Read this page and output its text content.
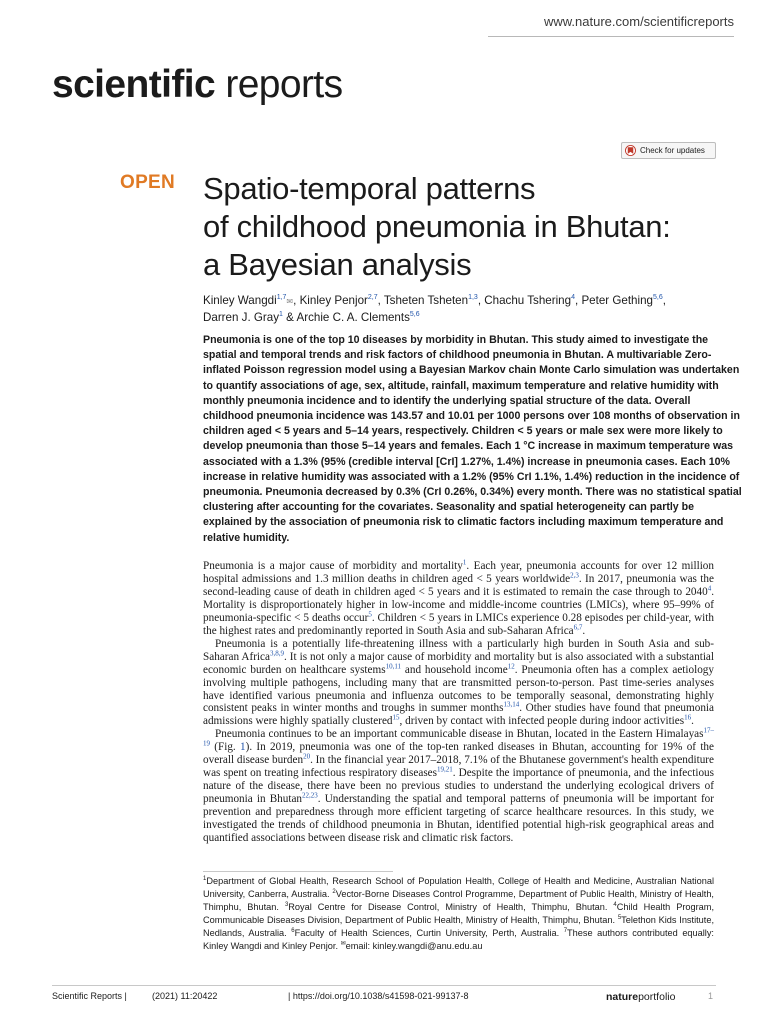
www.nature.com/scientificreports
scientific reports
Check for updates
OPEN Spatio-temporal patterns
of childhood pneumonia in Bhutan:
a Bayesian analysis
Kinley Wangdi$^{1,7}$✉, Kinley Penjor$^{2,7}$, Tsheten Tsheten$^{1,3}$, Chachu Tshering$^4$, Peter Gething$^{5,6}$,
Darren J. Gray$^1$ & Archie C. A. Clements$^{5,6}$

Pneumonia is one of the top 10 diseases by morbidity in Bhutan. This study aimed to investigate the spatial and temporal trends and risk factors of childhood pneumonia in Bhutan. A multivariable Zero-inflated Poisson regression model using a Bayesian Markov chain Monte Carlo simulation was undertaken to quantify associations of age, sex, altitude, rainfall, maximum temperature and relative humidity with monthly pneumonia incidence and to identify the underlying spatial structure of the data. Overall childhood pneumonia incidence was 143.57 and 10.01 per 1000 persons over 108 months of observation in children aged < 5 years and 5–14 years, respectively. Children < 5 years or male sex were more likely to develop pneumonia than those 5–14 years and females. Each 1 °C increase in maximum temperature was associated with a 1.3% (95% (credible interval [CrI] 1.27%, 1.4%) increase in pneumonia cases. Each 10% increase in relative humidity was associated with a 1.2% (95% CrI 1.1%, 1.4%) reduction in the incidence of pneumonia. Pneumonia decreased by 0.3% (CrI 0.26%, 0.34%) every month. There was no statistical spatial clustering after accounting for the covariates. Seasonality and spatial heterogeneity can partly be explained by the association of pneumonia risk to climatic factors including maximum temperature and relative humidity.

Pneumonia is a major cause of morbidity and mortality$^1$. Each year, pneumonia accounts for over 12 million hospital admissions and 1.3 million deaths in children aged < 5 years worldwide$^{2,3}$. In 2017, pneumonia was the second-leading cause of death in children aged < 5 years and it is estimated to remain the case through to 2040$^4$. Mortality is disproportionately higher in low-income and middle-income countries (LMICs), where 95–99% of pneumonia-specific < 5 deaths occur$^5$. Children < 5 years in LMICs experience 0.28 episodes per child-year, with the highest rates and predominantly reported in South Asia and sub-Saharan Africa$^{6,7}$.

Pneumonia is a potentially life-threatening illness with a particularly high burden in South Asia and sub-Saharan Africa$^{3,8,9}$. It is not only a major cause of morbidity and mortality but is also associated with a substantial economic burden on healthcare systems$^{10,11}$ and household income$^{12}$. Pneumonia often has a complex aetiology involving multiple pathogens, including many that are transmitted person-to-person. Past time-series analyses have identified various pneumonia and influenza outcomes to be temporally seasonal, demonstrating highly consistent peaks in winter months and troughs in summer months$^{13,14}$. Other studies have found that pneumonia admissions were highly spatially clustered$^{15}$, driven by contact with infected people during indoor activities$^{16}$.

Pneumonia continues to be an important communicable disease in Bhutan, located in the Eastern Himalayas$^{17-19}$ (Fig. 1). In 2019, pneumonia was one of the top-ten ranked diseases in Bhutan, accounting for 19% of the overall disease burden$^{20}$. In the financial year 2017–2018, 7.1% of the Bhutanese government's health expenditure was spent on treating infectious respiratory diseases$^{19,21}$. Despite the importance of pneumonia, and the infectious nature of the disease, there have been no previous studies to understand the underlying ecological drivers of pneumonia in Bhutan$^{22,23}$. Understanding the spatial and temporal patterns of pneumonia will be important for prevention and preparedness through more efficient targeting of scarce healthcare resources. In this study, we investigated the trends of childhood pneumonia in Bhutan, identified potential high-risk geographical areas and quantified associations between disease risk and climatic risk factors.

$^1$Department of Global Health, Research School of Population Health, College of Health and Medicine, Australian National University, Canberra, Australia. $^2$Vector-Borne Diseases Control Programme, Department of Public Health, Ministry of Health, Thimphu, Bhutan. $^3$Royal Centre for Disease Control, Ministry of Health, Thimphu, Bhutan. $^4$Child Health Program, Communicable Diseases Division, Department of Public Health, Ministry of Health, Thimphu, Bhutan. $^5$Telethon Kids Institute, Nedlands, Australia. $^6$Faculty of Health Sciences, Curtin University, Perth, Australia. $^7$These authors contributed equally: Kinley Wangdi and Kinley Penjor. ✉email: kinley.wangdi@anu.edu.au
Scientific Reports |	(2021) 11:20422	| https://doi.org/10.1038/s41598-021-99137-8	natureportfolio	1
